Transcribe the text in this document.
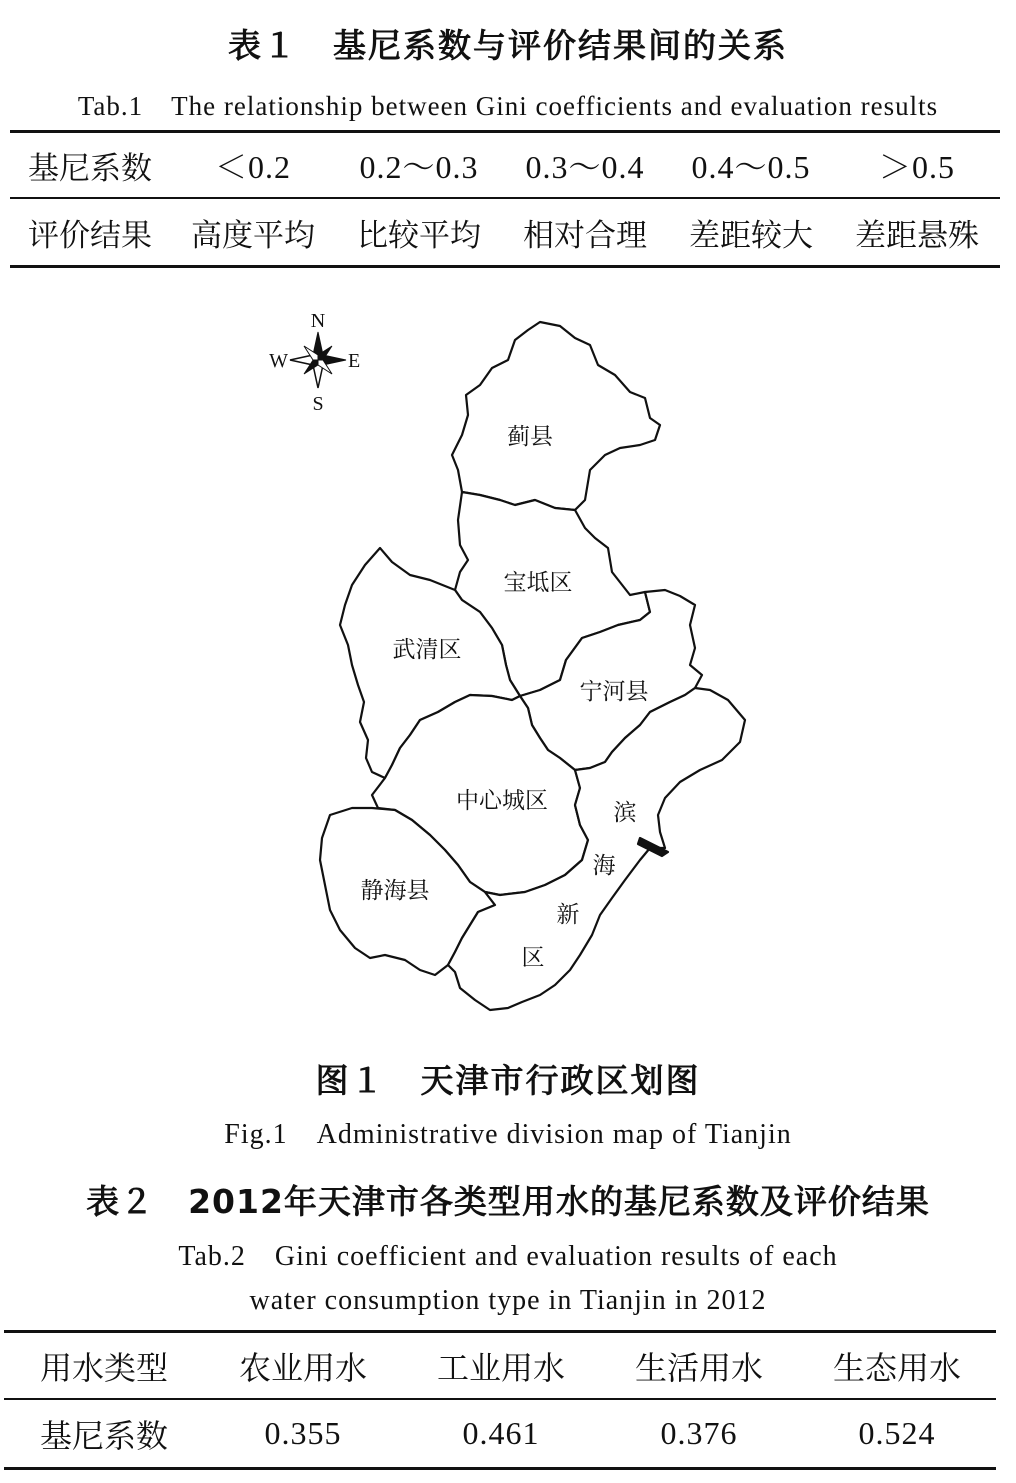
表１　基尼系数与评价结果间的关系
Tab.1　The relationship between Gini coefficients and evaluation results
基尼系数	＜0.2	0.2～0.3	0.3～0.4	0.4～0.5	＞0.5
评价结果	高度平均	比较平均	相对合理	差距较大	差距悬殊
N
S
E
W
蓟县
宝坻区
武清区
宁河县
中心城区
静海县
滨
海
新
区
图１　天津市行政区划图
Fig.1　Administrative division map of Tianjin
表２　2012年天津市各类型用水的基尼系数及评价结果
Tab.2　Gini coefficient and evaluation results of each
water consumption type in Tianjin in 2012
用水类型	农业用水	工业用水	生活用水	生态用水
基尼系数	0.355	0.461	0.376	0.524
